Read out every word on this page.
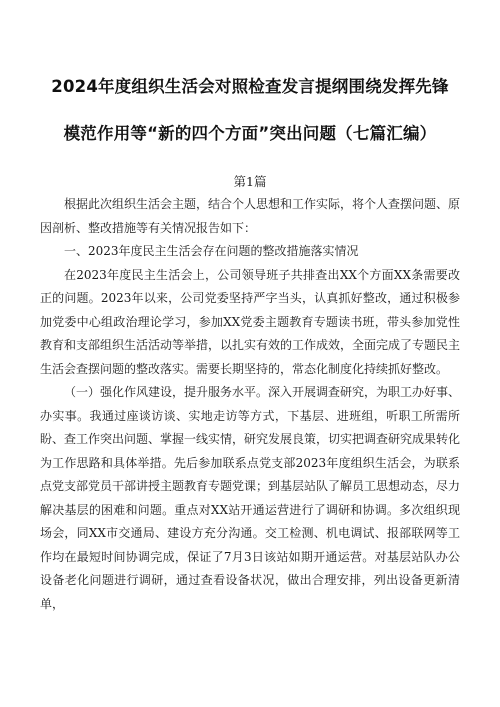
2024年度组织生活会对照检查发言提纲围绕发挥先锋
模范作用等“新的四个方面”突出问题（七篇汇编）
第1篇

根据此次组织生活会主题，结合个人思想和工作实际，将个人查摆问题、原因剖析、整改措施等有关情况报告如下：

一、2023年度民主生活会存在问题的整改措施落实情况

在2023年度民主生活会上，公司领导班子共排查出XX个方面XX条需要改正的问题。2023年以来，公司党委坚持严字当头，认真抓好整改，通过积极参加党委中心组政治理论学习，参加XX党委主题教育专题读书班，带头参加党性教育和支部组织生活活动等举措，以扎实有效的工作成效，全面完成了专题民主生活会查摆问题的整改落实。需要长期坚持的，常态化制度化持续抓好整改。

（一）强化作风建设，提升服务水平。深入开展调查研究，为职工办好事、办实事。我通过座谈访谈、实地走访等方式，下基层、进班组，听职工所需所盼、查工作突出问题、掌握一线实情，研究发展良策，切实把调查研究成果转化为工作思路和具体举措。先后参加联系点党支部2023年度组织生活会，为联系点党支部党员干部讲授主题教育专题党课；到基层站队了解员工思想动态，尽力解决基层的困难和问题。重点对XX站开通运营进行了调研和协调。多次组织现场会，同XX市交通局、建设方充分沟通。交工检测、机电调试、报部联网等工作均在最短时间协调完成，保证了7月3日该站如期开通运营。对基层站队办公设备老化问题进行调研，通过查看设备状况，做出合理安排，列出设备更新清单，
